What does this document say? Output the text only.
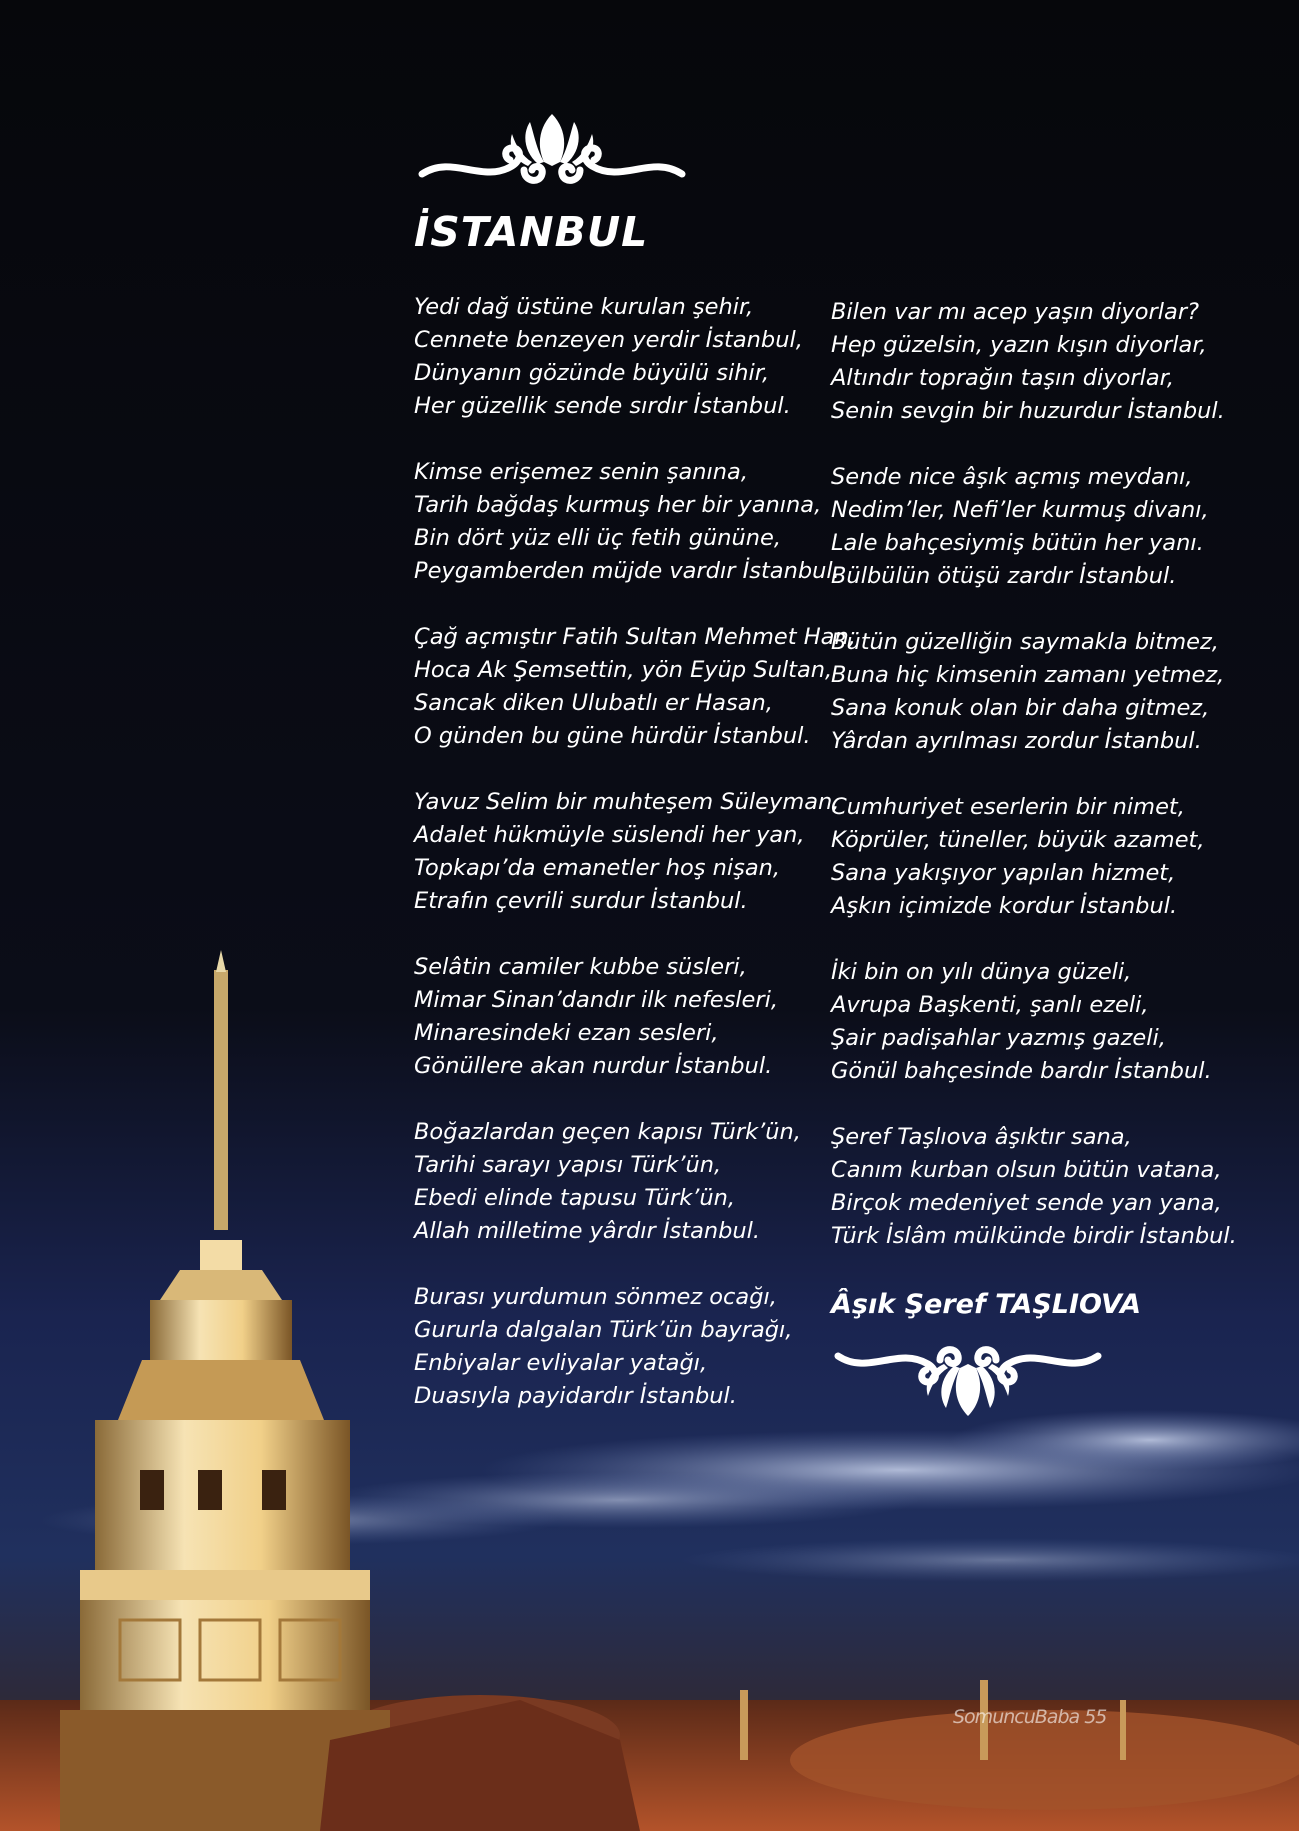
İSTANBUL
Yedi dağ üstüne kurulan şehir,
Cennete benzeyen yerdir İstanbul,
Dünyanın gözünde büyülü sihir,
Her güzellik sende sırdır İstanbul.
Kimse erişemez senin şanına,
Tarih bağdaş kurmuş her bir yanına,
Bin dört yüz elli üç fetih gününe,
Peygamberden müjde vardır İstanbul.
Çağ açmıştır Fatih Sultan Mehmet Han,
Hoca Ak Şemsettin, yön Eyüp Sultan,
Sancak diken Ulubatlı er Hasan,
O günden bu güne hürdür İstanbul.
Yavuz Selim bir muhteşem Süleyman,
Adalet hükmüyle süslendi her yan,
Topkapı’da emanetler hoş nişan,
Etrafın çevrili surdur İstanbul.
Selâtin camiler kubbe süsleri,
Mimar Sinan’dandır ilk nefesleri,
Minaresindeki ezan sesleri,
Gönüllere akan nurdur İstanbul.
Boğazlardan geçen kapısı Türk’ün,
Tarihi sarayı yapısı Türk’ün,
Ebedi elinde tapusu Türk’ün,
Allah milletime yârdır İstanbul.
Burası yurdumun sönmez ocağı,
Gururla dalgalan Türk’ün bayrağı,
Enbiyalar evliyalar yatağı,
Duasıyla payidardır İstanbul.
Bilen var mı acep yaşın diyorlar?
Hep güzelsin, yazın kışın diyorlar,
Altındır toprağın taşın diyorlar,
Senin sevgin bir huzurdur İstanbul.
Sende nice âşık açmış meydanı,
Nedim’ler, Nefi’ler kurmuş divanı,
Lale bahçesiymiş bütün her yanı.
Bülbülün ötüşü zardır İstanbul.
Bütün güzelliğin saymakla bitmez,
Buna hiç kimsenin zamanı yetmez,
Sana konuk olan bir daha gitmez,
Yârdan ayrılması zordur İstanbul.
Cumhuriyet eserlerin bir nimet,
Köprüler, tüneller, büyük azamet,
Sana yakışıyor yapılan hizmet,
Aşkın içimizde kordur İstanbul.
İki bin on yılı dünya güzeli,
Avrupa Başkenti, şanlı ezeli,
Şair padişahlar yazmış gazeli,
Gönül bahçesinde bardır İstanbul.
Şeref Taşlıova âşıktır sana,
Canım kurban olsun bütün vatana,
Birçok medeniyet sende yan yana,
Türk İslâm mülkünde birdir İstanbul.
Âşık Şeref TAŞLIOVA
SomuncuBaba 55
